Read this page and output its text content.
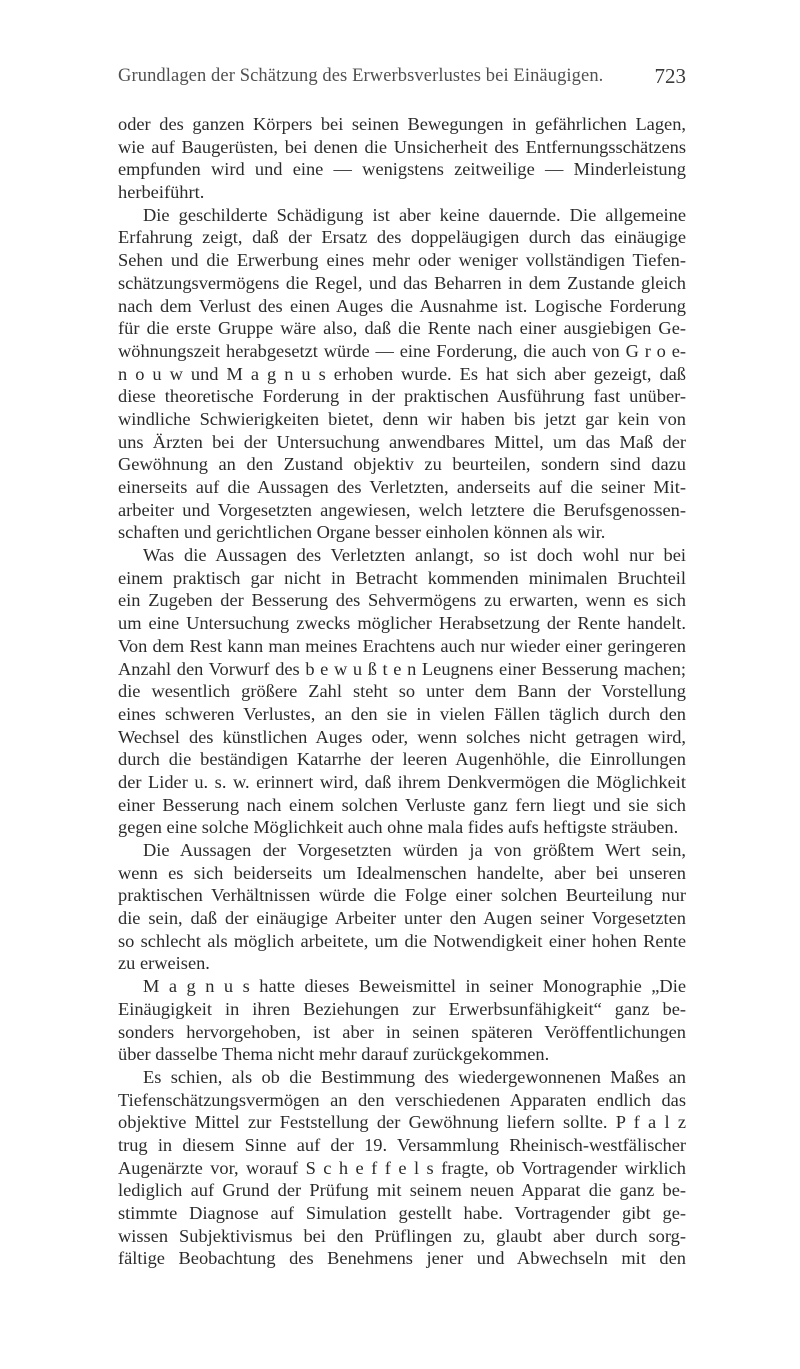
Grundlagen der Schätzung des Erwerbsverlustes bei Einäugigen. 723
oder des ganzen Körpers bei seinen Bewegungen in gefährlichen Lagen,
wie auf Baugerüsten, bei denen die Unsicherheit des Entfernungsschätzens
empfunden wird und eine — wenigstens zeitweilige — Minderleistung
herbeiführt.
Die geschilderte Schädigung ist aber keine dauernde. Die allgemeine
Erfahrung zeigt, daß der Ersatz des doppeläugigen durch das einäugige
Sehen und die Erwerbung eines mehr oder weniger vollständigen Tiefen-
schätzungsvermögens die Regel, und das Beharren in dem Zustande gleich
nach dem Verlust des einen Auges die Ausnahme ist. Logische Forderung
für die erste Gruppe wäre also, daß die Rente nach einer ausgiebigen Ge-
wöhnungszeit herabgesetzt würde — eine Forderung, die auch von G r o e-
n o u w und M a g n u s erhoben wurde. Es hat sich aber gezeigt, daß
diese theoretische Forderung in der praktischen Ausführung fast unüber-
windliche Schwierigkeiten bietet, denn wir haben bis jetzt gar kein von
uns Ärzten bei der Untersuchung anwendbares Mittel, um das Maß der
Gewöhnung an den Zustand objektiv zu beurteilen, sondern sind dazu
einerseits auf die Aussagen des Verletzten, anderseits auf die seiner Mit-
arbeiter und Vorgesetzten angewiesen, welch letztere die Berufsgenossen-
schaften und gerichtlichen Organe besser einholen können als wir.
Was die Aussagen des Verletzten anlangt, so ist doch wohl nur bei
einem praktisch gar nicht in Betracht kommenden minimalen Bruchteil
ein Zugeben der Besserung des Sehvermögens zu erwarten, wenn es sich
um eine Untersuchung zwecks möglicher Herabsetzung der Rente handelt.
Von dem Rest kann man meines Erachtens auch nur wieder einer geringeren
Anzahl den Vorwurf des b e w u ß t e n Leugnens einer Besserung machen;
die wesentlich größere Zahl steht so unter dem Bann der Vorstellung
eines schweren Verlustes, an den sie in vielen Fällen täglich durch den
Wechsel des künstlichen Auges oder, wenn solches nicht getragen wird,
durch die beständigen Katarrhe der leeren Augenhöhle, die Einrollungen
der Lider u. s. w. erinnert wird, daß ihrem Denkvermögen die Möglichkeit
einer Besserung nach einem solchen Verluste ganz fern liegt und sie sich
gegen eine solche Möglichkeit auch ohne mala fides aufs heftigste sträuben.
Die Aussagen der Vorgesetzten würden ja von größtem Wert sein,
wenn es sich beiderseits um Idealmenschen handelte, aber bei unseren
praktischen Verhältnissen würde die Folge einer solchen Beurteilung nur
die sein, daß der einäugige Arbeiter unter den Augen seiner Vorgesetzten
so schlecht als möglich arbeitete, um die Notwendigkeit einer hohen Rente
zu erweisen.
M a g n u s hatte dieses Beweismittel in seiner Monographie „Die
Einäugigkeit in ihren Beziehungen zur Erwerbsunfähigkeit“ ganz be-
sonders hervorgehoben, ist aber in seinen späteren Veröffentlichungen
über dasselbe Thema nicht mehr darauf zurückgekommen.
Es schien, als ob die Bestimmung des wiedergewonnenen Maßes an
Tiefenschätzungsvermögen an den verschiedenen Apparaten endlich das
objektive Mittel zur Feststellung der Gewöhnung liefern sollte. P f a l z
trug in diesem Sinne auf der 19. Versammlung Rheinisch-westfälischer
Augenärzte vor, worauf S c h e f f e l s fragte, ob Vortragender wirklich
lediglich auf Grund der Prüfung mit seinem neuen Apparat die ganz be-
stimmte Diagnose auf Simulation gestellt habe. Vortragender gibt ge-
wissen Subjektivismus bei den Prüflingen zu, glaubt aber durch sorg-
fältige Beobachtung des Benehmens jener und Abwechseln mit den
